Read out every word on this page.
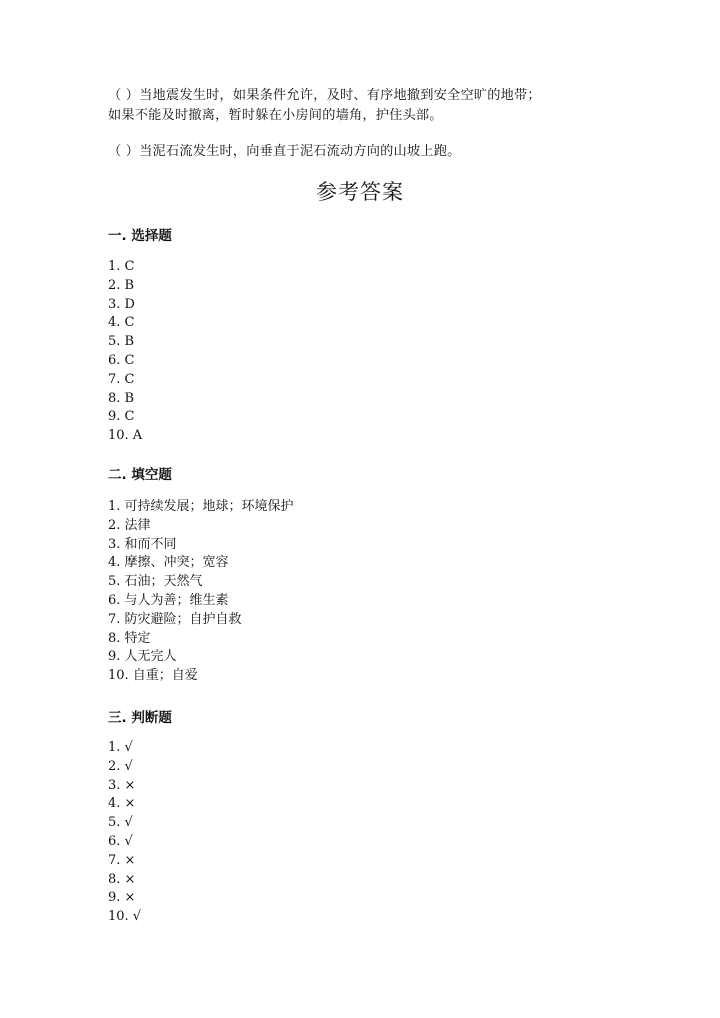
（ ）当地震发生时，如果条件允许，及时、有序地撤到安全空旷的地带；
如果不能及时撤离，暂时躲在小房间的墙角，护住头部。
（ ）当泥石流发生时，向垂直于泥石流动方向的山坡上跑。
参考答案
一. 选择题
1. C
2. B
3. D
4. C
5. B
6. C
7. C
8. B
9. C
10. A
二. 填空题
1. 可持续发展；地球；环境保护
2. 法律
3. 和而不同
4. 摩擦、冲突；宽容
5. 石油；天然气
6. 与人为善；维生素
7. 防灾避险；自护自救
8. 特定
9. 人无完人
10. 自重；自爱
三. 判断题
1. √
2. √
3. ×
4. ×
5. √
6. √
7. ×
8. ×
9. ×
10. √
